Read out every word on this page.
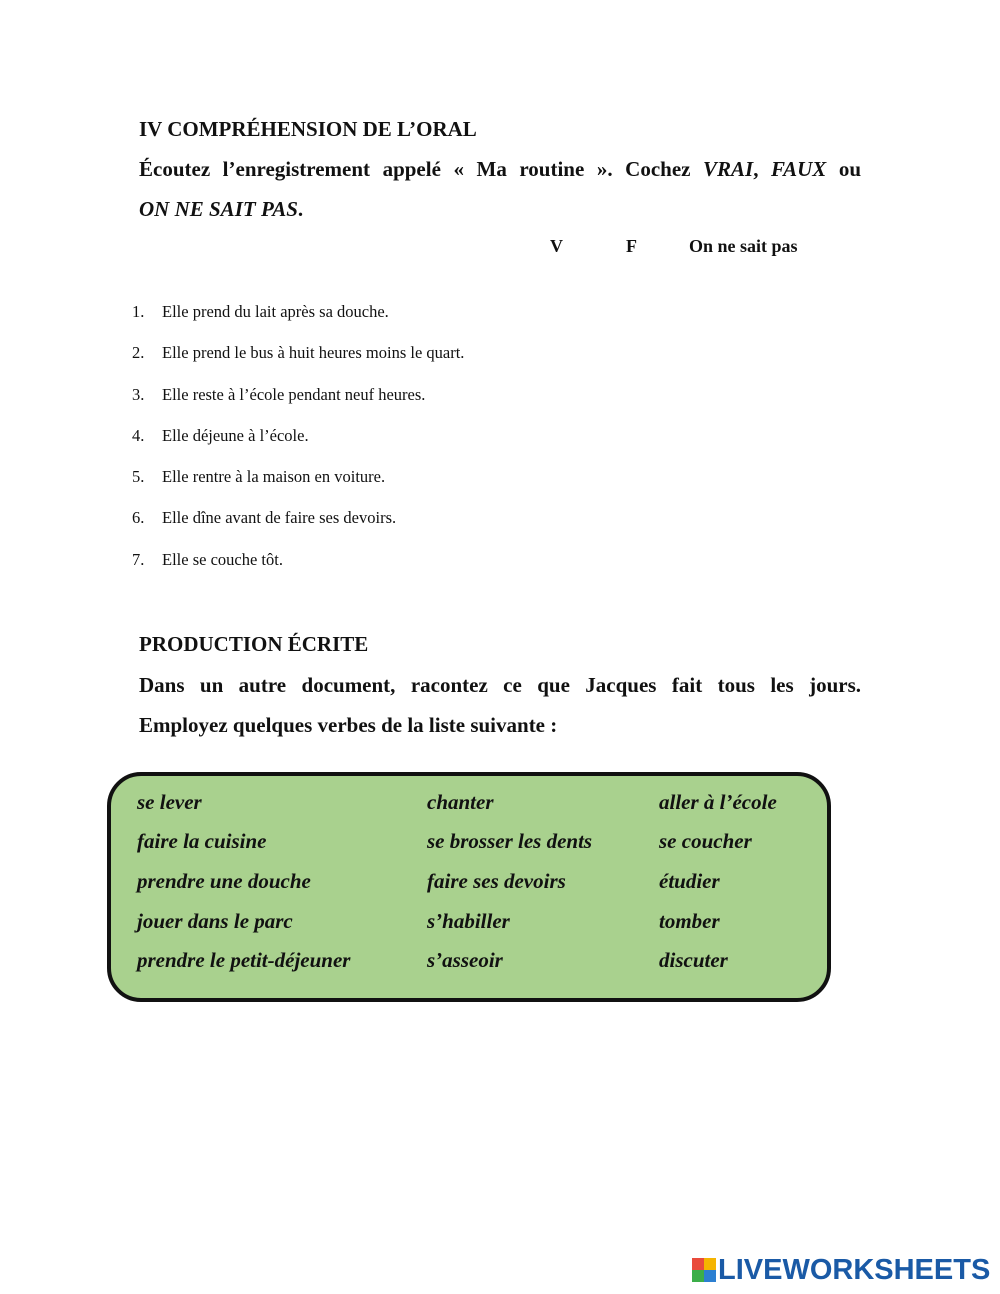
IV COMPRÉHENSION DE L’ORAL
Écoutez l’enregistrement appelé « Ma routine ». Cochez VRAI, FAUX ou
ON NE SAIT PAS.
V	F	On ne sait pas
1. Elle prend du lait après sa douche.
2. Elle prend le bus à huit heures moins le quart.
3. Elle reste à l’école pendant neuf heures.
4. Elle déjeune à l’école.
5. Elle rentre à la maison en voiture.
6. Elle dîne avant de faire ses devoirs.
7. Elle se couche tôt.
PRODUCTION ÉCRITE
Dans un autre document, racontez ce que Jacques fait tous les jours.
Employez quelques verbes de la liste suivante :
se lever	chanter	aller à l’école
faire la cuisine	se brosser les dents	se coucher
prendre une douche	faire ses devoirs	étudier
jouer dans le parc	s’habiller	tomber
prendre le petit-déjeuner	s’asseoir	discuter
LIVEWORKSHEETS
